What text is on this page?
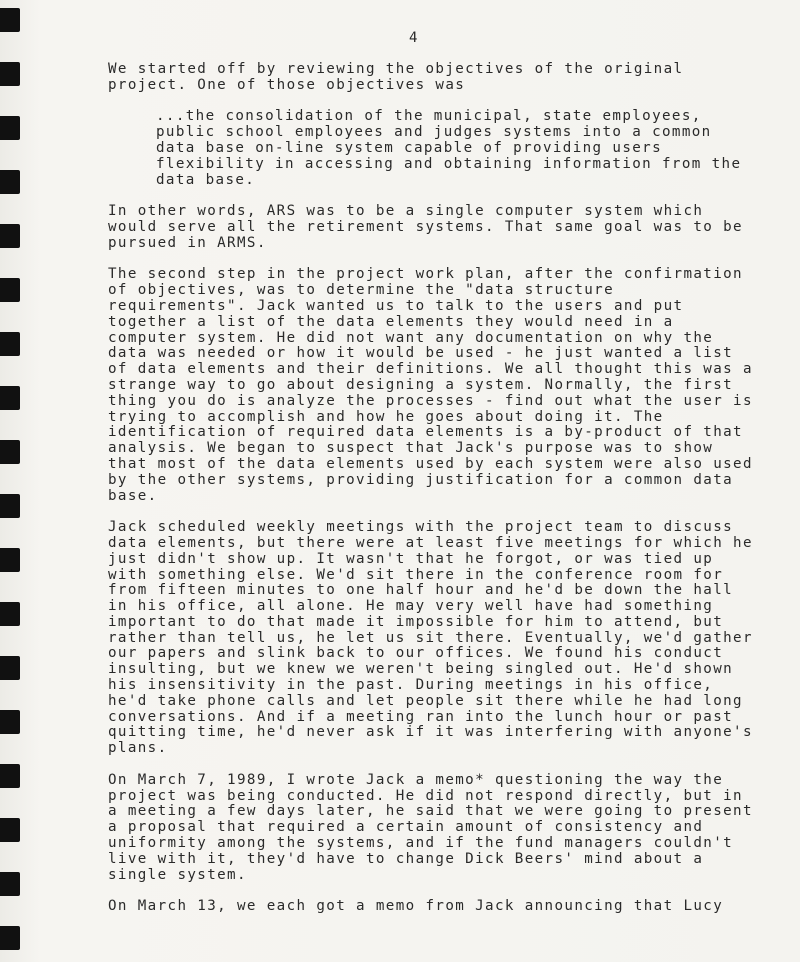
4
We started off by reviewing the objectives of the original
project. One of those objectives was
...the consolidation of the municipal, state employees,
public school employees and judges systems into a common
data base on-line system capable of providing users
flexibility in accessing and obtaining information from the
data base.
In other words, ARS was to be a single computer system which
would serve all the retirement systems. That same goal was to be
pursued in ARMS.
The second step in the project work plan, after the confirmation
of objectives, was to determine the "data structure
requirements". Jack wanted us to talk to the users and put
together a list of the data elements they would need in a
computer system. He did not want any documentation on why the
data was needed or how it would be used - he just wanted a list
of data elements and their definitions. We all thought this was a
strange way to go about designing a system. Normally, the first
thing you do is analyze the processes - find out what the user is
trying to accomplish and how he goes about doing it. The
identification of required data elements is a by-product of that
analysis. We began to suspect that Jack's purpose was to show
that most of the data elements used by each system were also used
by the other systems, providing justification for a common data
base.
Jack scheduled weekly meetings with the project team to discuss
data elements, but there were at least five meetings for which he
just didn't show up. It wasn't that he forgot, or was tied up
with something else. We'd sit there in the conference room for
from fifteen minutes to one half hour and he'd be down the hall
in his office, all alone. He may very well have had something
important to do that made it impossible for him to attend, but
rather than tell us, he let us sit there. Eventually, we'd gather
our papers and slink back to our offices. We found his conduct
insulting, but we knew we weren't being singled out. He'd shown
his insensitivity in the past. During meetings in his office,
he'd take phone calls and let people sit there while he had long
conversations. And if a meeting ran into the lunch hour or past
quitting time, he'd never ask if it was interfering with anyone's
plans.
On March 7, 1989, I wrote Jack a memo* questioning the way the
project was being conducted. He did not respond directly, but in
a meeting a few days later, he said that we were going to present
a proposal that required a certain amount of consistency and
uniformity among the systems, and if the fund managers couldn't
live with it, they'd have to change Dick Beers' mind about a
single system.
On March 13, we each got a memo from Jack announcing that Lucy
